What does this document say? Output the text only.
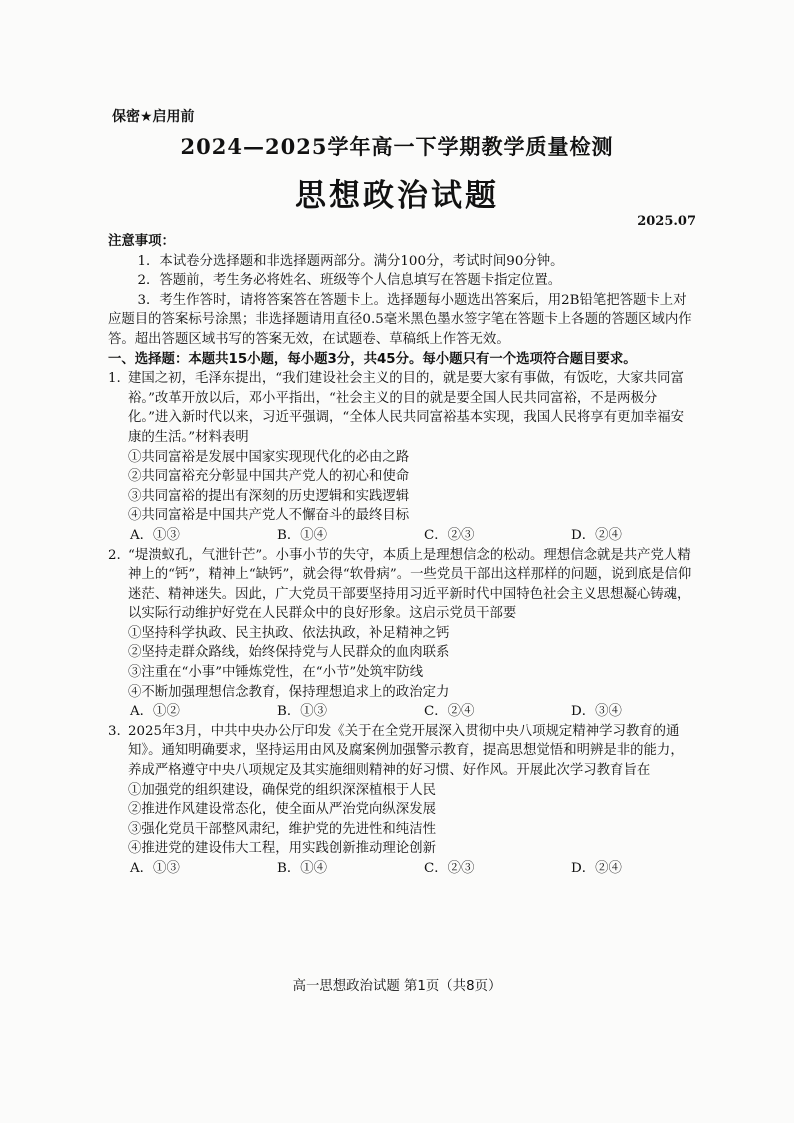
保密★启用前
2024—2025学年高一下学期教学质量检测
思想政治试题
2025.07

注意事项：

1．本试卷分选择题和非选择题两部分。满分100分，考试时间90分钟。

2．答题前，考生务必将姓名、班级等个人信息填写在答题卡指定位置。

3．考生作答时，请将答案答在答题卡上。选择题每小题选出答案后，用2B铅笔把答题卡上对应题目的答案标号涂黑；非选择题请用直径0.5毫米黑色墨水签字笔在答题卡上各题的答题区域内作答。超出答题区域书写的答案无效，在试题卷、草稿纸上作答无效。

一、选择题：本题共15小题，每小题3分，共45分。每小题只有一个选项符合题目要求。

1. 建国之初，毛泽东提出，“我们建设社会主义的目的，就是要大家有事做，有饭吃，大家共同富裕。”改革开放以后，邓小平指出，“社会主义的目的就是要全国人民共同富裕，不是两极分化。”进入新时代以来，习近平强调，“全体人民共同富裕基本实现，我国人民将享有更加幸福安康的生活。”材料表明

①共同富裕是发展中国家实现现代化的必由之路

②共同富裕充分彰显中国共产党人的初心和使命

③共同富裕的提出有深刻的历史逻辑和实践逻辑

④共同富裕是中国共产党人不懈奋斗的最终目标

A．①③	B．①④	C．②③	D．②④
2. “堤溃蚁孔，气泄针芒”。小事小节的失守，本质上是理想信念的松动。理想信念就是共产党人精神上的“钙”，精神上“缺钙”，就会得“软骨病”。一些党员干部出这样那样的问题，说到底是信仰迷茫、精神迷失。因此，广大党员干部要坚持用习近平新时代中国特色社会主义思想凝心铸魂，以实际行动维护好党在人民群众中的良好形象。这启示党员干部要

①坚持科学执政、民主执政、依法执政，补足精神之钙

②坚持走群众路线，始终保持党与人民群众的血肉联系

③注重在“小事”中锤炼党性，在“小节”处筑牢防线

④不断加强理想信念教育，保持理想追求上的政治定力

A．①②	B．①③	C．②④	D．③④
3. 2025年3月，中共中央办公厅印发《关于在全党开展深入贯彻中央八项规定精神学习教育的通知》。通知明确要求，坚持运用由风及腐案例加强警示教育，提高思想觉悟和明辨是非的能力，养成严格遵守中央八项规定及其实施细则精神的好习惯、好作风。开展此次学习教育旨在

①加强党的组织建设，确保党的组织深深植根于人民

②推进作风建设常态化，使全面从严治党向纵深发展

③强化党员干部整风肃纪，维护党的先进性和纯洁性

④推进党的建设伟大工程，用实践创新推动理论创新

A．①③	B．①④	C．②③	D．②④
高一思想政治试题 第1页（共8页）
